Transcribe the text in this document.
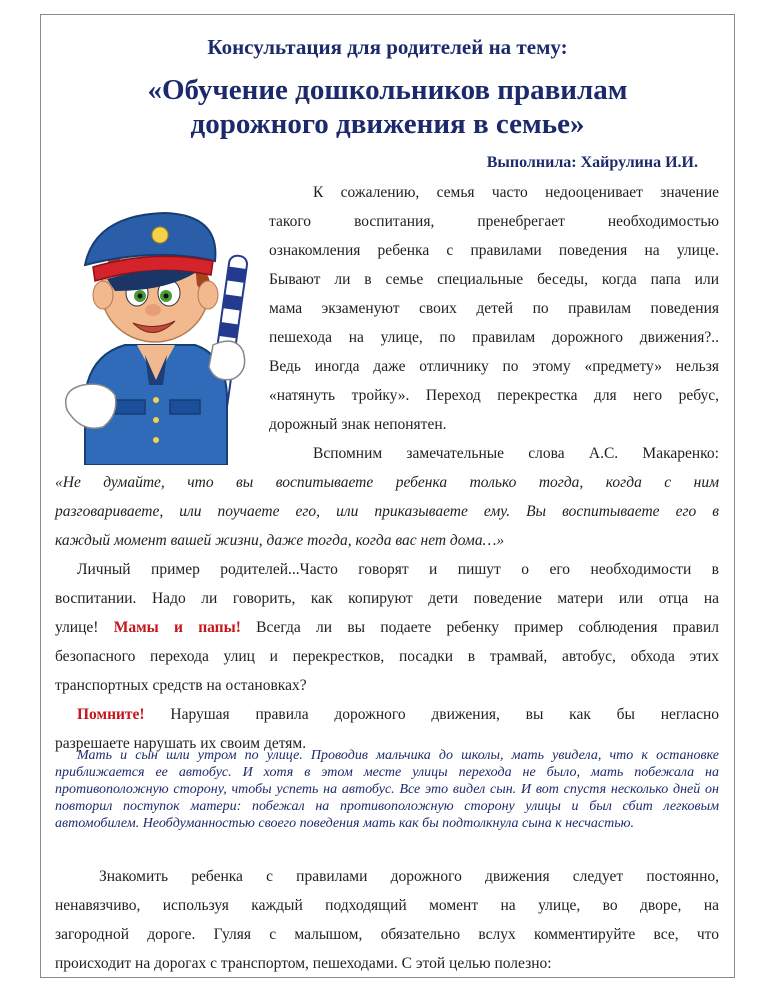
Консультация для родителей на тему:
«Обучение дошкольников правилам
дорожного движения в семье»
Выполнила: Хайрулина И.И.

К сожалению, семья часто недооценивает значение

такого воспитания, пренебрегает необходимостью

ознакомления ребенка с правилами поведения на улице.

Бывают ли в семье специальные беседы, когда папа или

мама экзаменуют своих детей по правилам поведения

пешехода на улице, по правилам дорожного движения?..

Ведь иногда даже отличнику по этому «предмету» нельзя

«натянуть тройку». Переход перекрестка для него ребус,

дорожный знак непонятен.

Вспомним замечательные слова А.С. Макаренко:

«Не думайте, что вы воспитываете ребенка только тогда, когда с ним

разговариваете, или поучаете его, или приказываете ему. Вы воспитываете его в

каждый момент вашей жизни, даже тогда, когда вас нет дома…»

Личный пример родителей...Часто говорят и пишут о его необходимости в

воспитании. Надо ли говорить, как копируют дети поведение матери или отца на

улице! Мамы и папы! Всегда ли вы подаете ребенку пример соблюдения правил

безопасного перехода улиц и перекрестков, посадки в трамвай, автобус, обхода этих

транспортных средств на остановках?

Помните! Нарушая правила дорожного движения, вы как бы негласно

разрешаете нарушать их своим детям.

Мать и сын шли утром по улице. Проводив мальчика до школы, мать увидела, что к остановке приближается ее автобус. И хотя в этом месте улицы перехода не было, мать побежала на противоположную сторону, чтобы успеть на автобус. Все это видел сын. И вот спустя несколько дней он повторил поступок матери: побежал на противоположную сторону улицы и был сбит легковым автомобилем. Необдуманностью своего поведения мать как бы подтолкнула сына к несчастью.

Знакомить ребенка с правилами дорожного движения следует постоянно,

ненавязчиво, используя каждый подходящий момент на улице, во дворе, на

загородной дороге. Гуляя с малышом, обязательно вслух комментируйте все, что

происходит на дорогах с транспортом, пешеходами. С этой целью полезно:
